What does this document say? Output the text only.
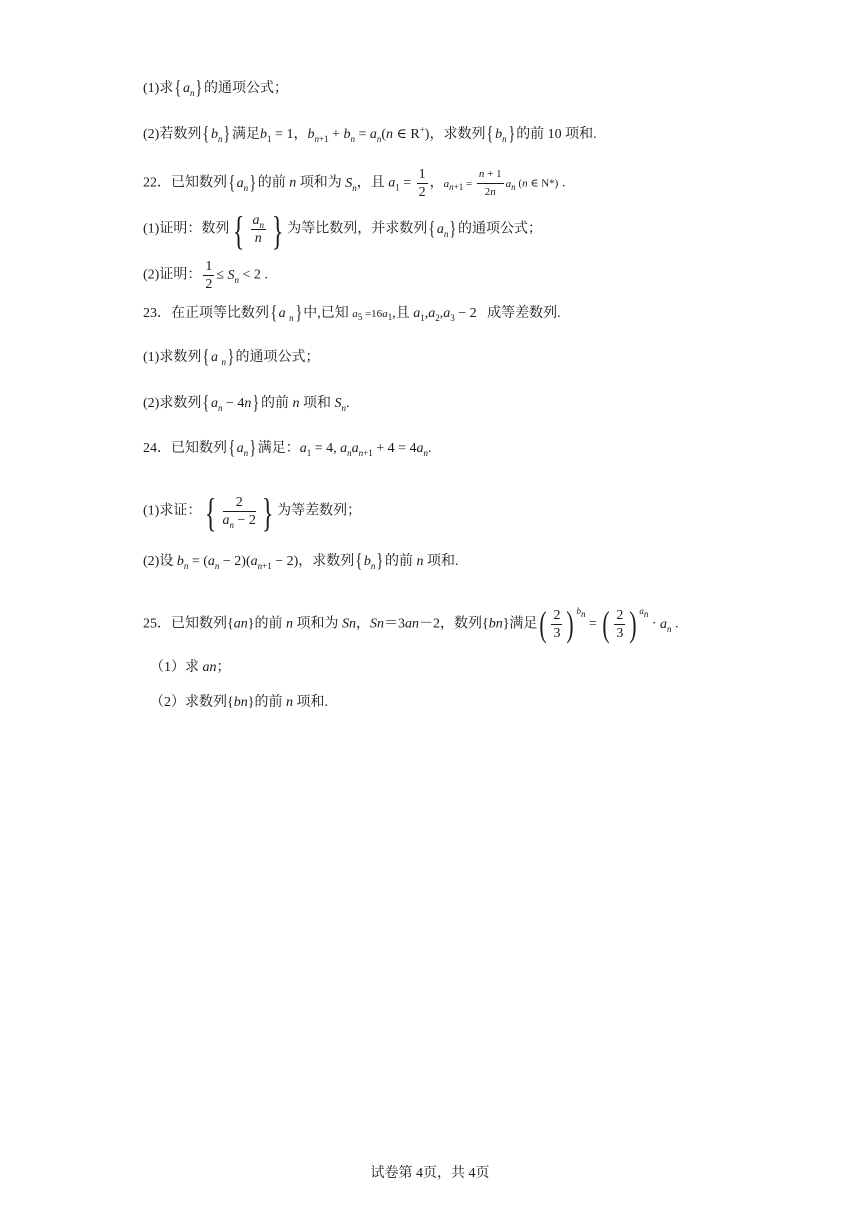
(1)求$\{a_n\}$的通项公式；
(2)若数列$\{b_n\}$满足$b_1 = 1$，$b_{n+1} + b_n = a_n(n$ ∈ R+)，求数列$\{b_n\}$的前 10 项和.
22．已知数列$\{a_n\}$的前 n 项和为 $S_n$，且 $a_1 = \frac{1}{2}$ ，$a_{n+1} = \frac{n + 1}{2n} a_n$ (n ∈ N*) .
(1)证明：数列{ $\frac{a_n}{n}$ } 为等比数列，并求数列$\{a_n\}$的通项公式；
(2)证明： $\frac{1}{2} \le S_n < 2$ .
23．在正项等比数列{a $_n$}中,已知 $a_5 =16a_1$,且 $a_1,a_2,a_3 - 2$   成等差数列.
(1)求数列{a $_n$}的通项公式；
(2)求数列$\{a_n - 4n\}$的前 n 项和 $S_n$.
24．已知数列$\{a_n\}$满足：$a_1 = 4$, $a_na_{n+1} + 4 = 4a_n$.
(1)求证：{ $\frac{2}{a_n - 2}$ } 为等差数列；
(2)设 $b_n = (a_n - 2)(a_{n+1} - 2)$，求数列$\{b_n\}$的前 n 项和.
25．已知数列{an}的前 n 项和为 Sn，Sn＝3an－2，数列{bn}满足( $\frac{2}{3}$ ) $^{b_n}$ = ( $\frac{2}{3}$ ) $^{a_n} \cdot a_n$ .
（1）求 an；
（2）求数列{bn}的前 n 项和.
试卷第 4页，共 4页
